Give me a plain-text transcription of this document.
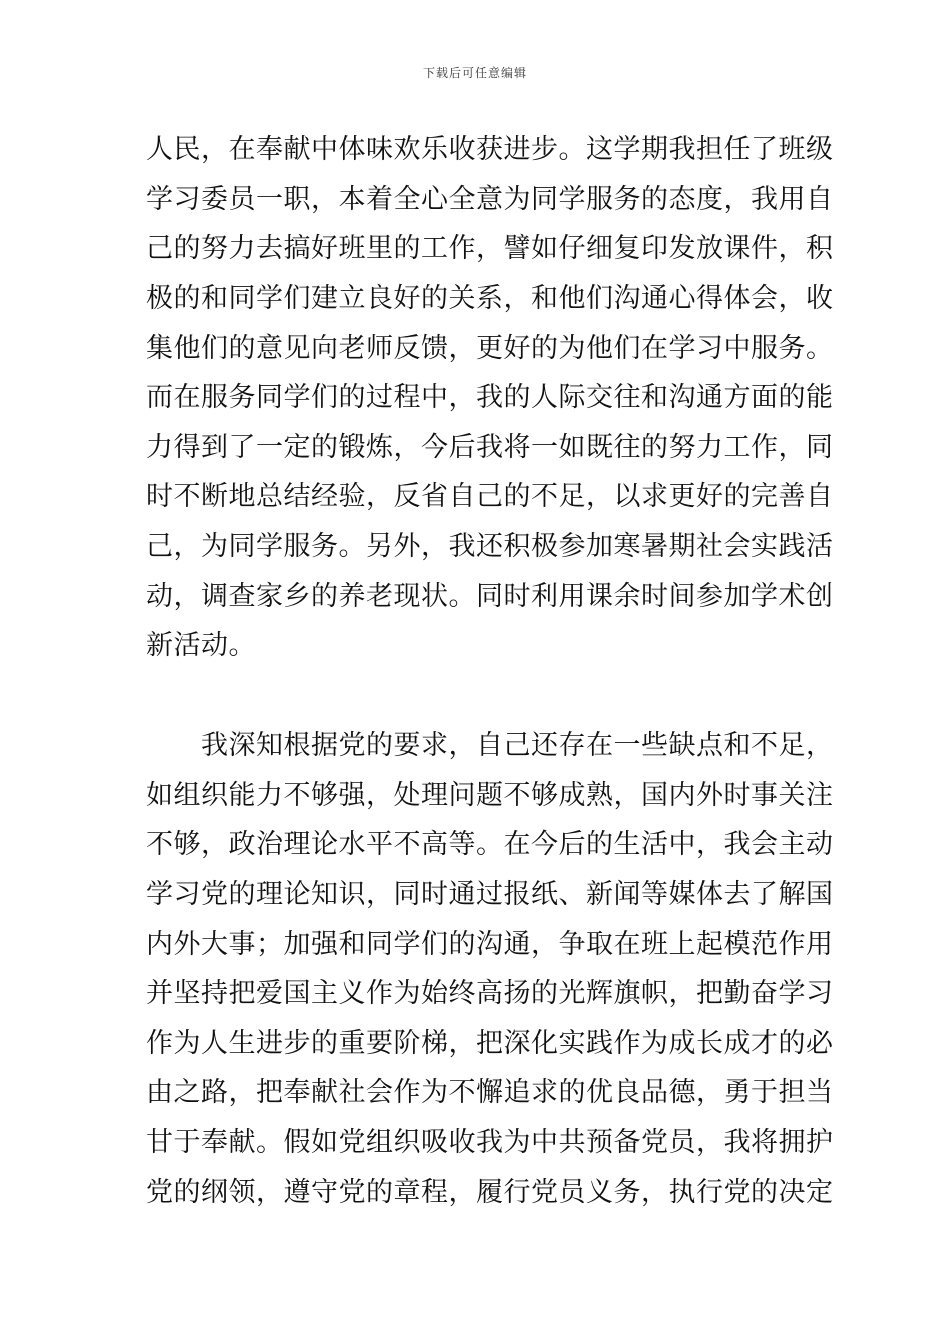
下载后可任意编辑
人民，在奉献中体味欢乐收获进步。这学期我担任了班级
学习委员一职，本着全心全意为同学服务的态度，我用自
己的努力去搞好班里的工作，譬如仔细复印发放课件，积
极的和同学们建立良好的关系，和他们沟通心得体会，收
集他们的意见向老师反馈，更好的为他们在学习中服务。
而在服务同学们的过程中，我的人际交往和沟通方面的能
力得到了一定的锻炼，今后我将一如既往的努力工作，同
时不断地总结经验，反省自己的不足，以求更好的完善自
己，为同学服务。另外，我还积极参加寒暑期社会实践活
动，调查家乡的养老现状。同时利用课余时间参加学术创
新活动。
　　我深知根据党的要求，自己还存在一些缺点和不足，
如组织能力不够强，处理问题不够成熟，国内外时事关注
不够，政治理论水平不高等。在今后的生活中，我会主动
学习党的理论知识，同时通过报纸、新闻等媒体去了解国
内外大事；加强和同学们的沟通，争取在班上起模范作用
并坚持把爱国主义作为始终高扬的光辉旗帜，把勤奋学习
作为人生进步的重要阶梯，把深化实践作为成长成才的必
由之路，把奉献社会作为不懈追求的优良品德，勇于担当
甘于奉献。假如党组织吸收我为中共预备党员，我将拥护
党的纲领，遵守党的章程，履行党员义务，执行党的决定
